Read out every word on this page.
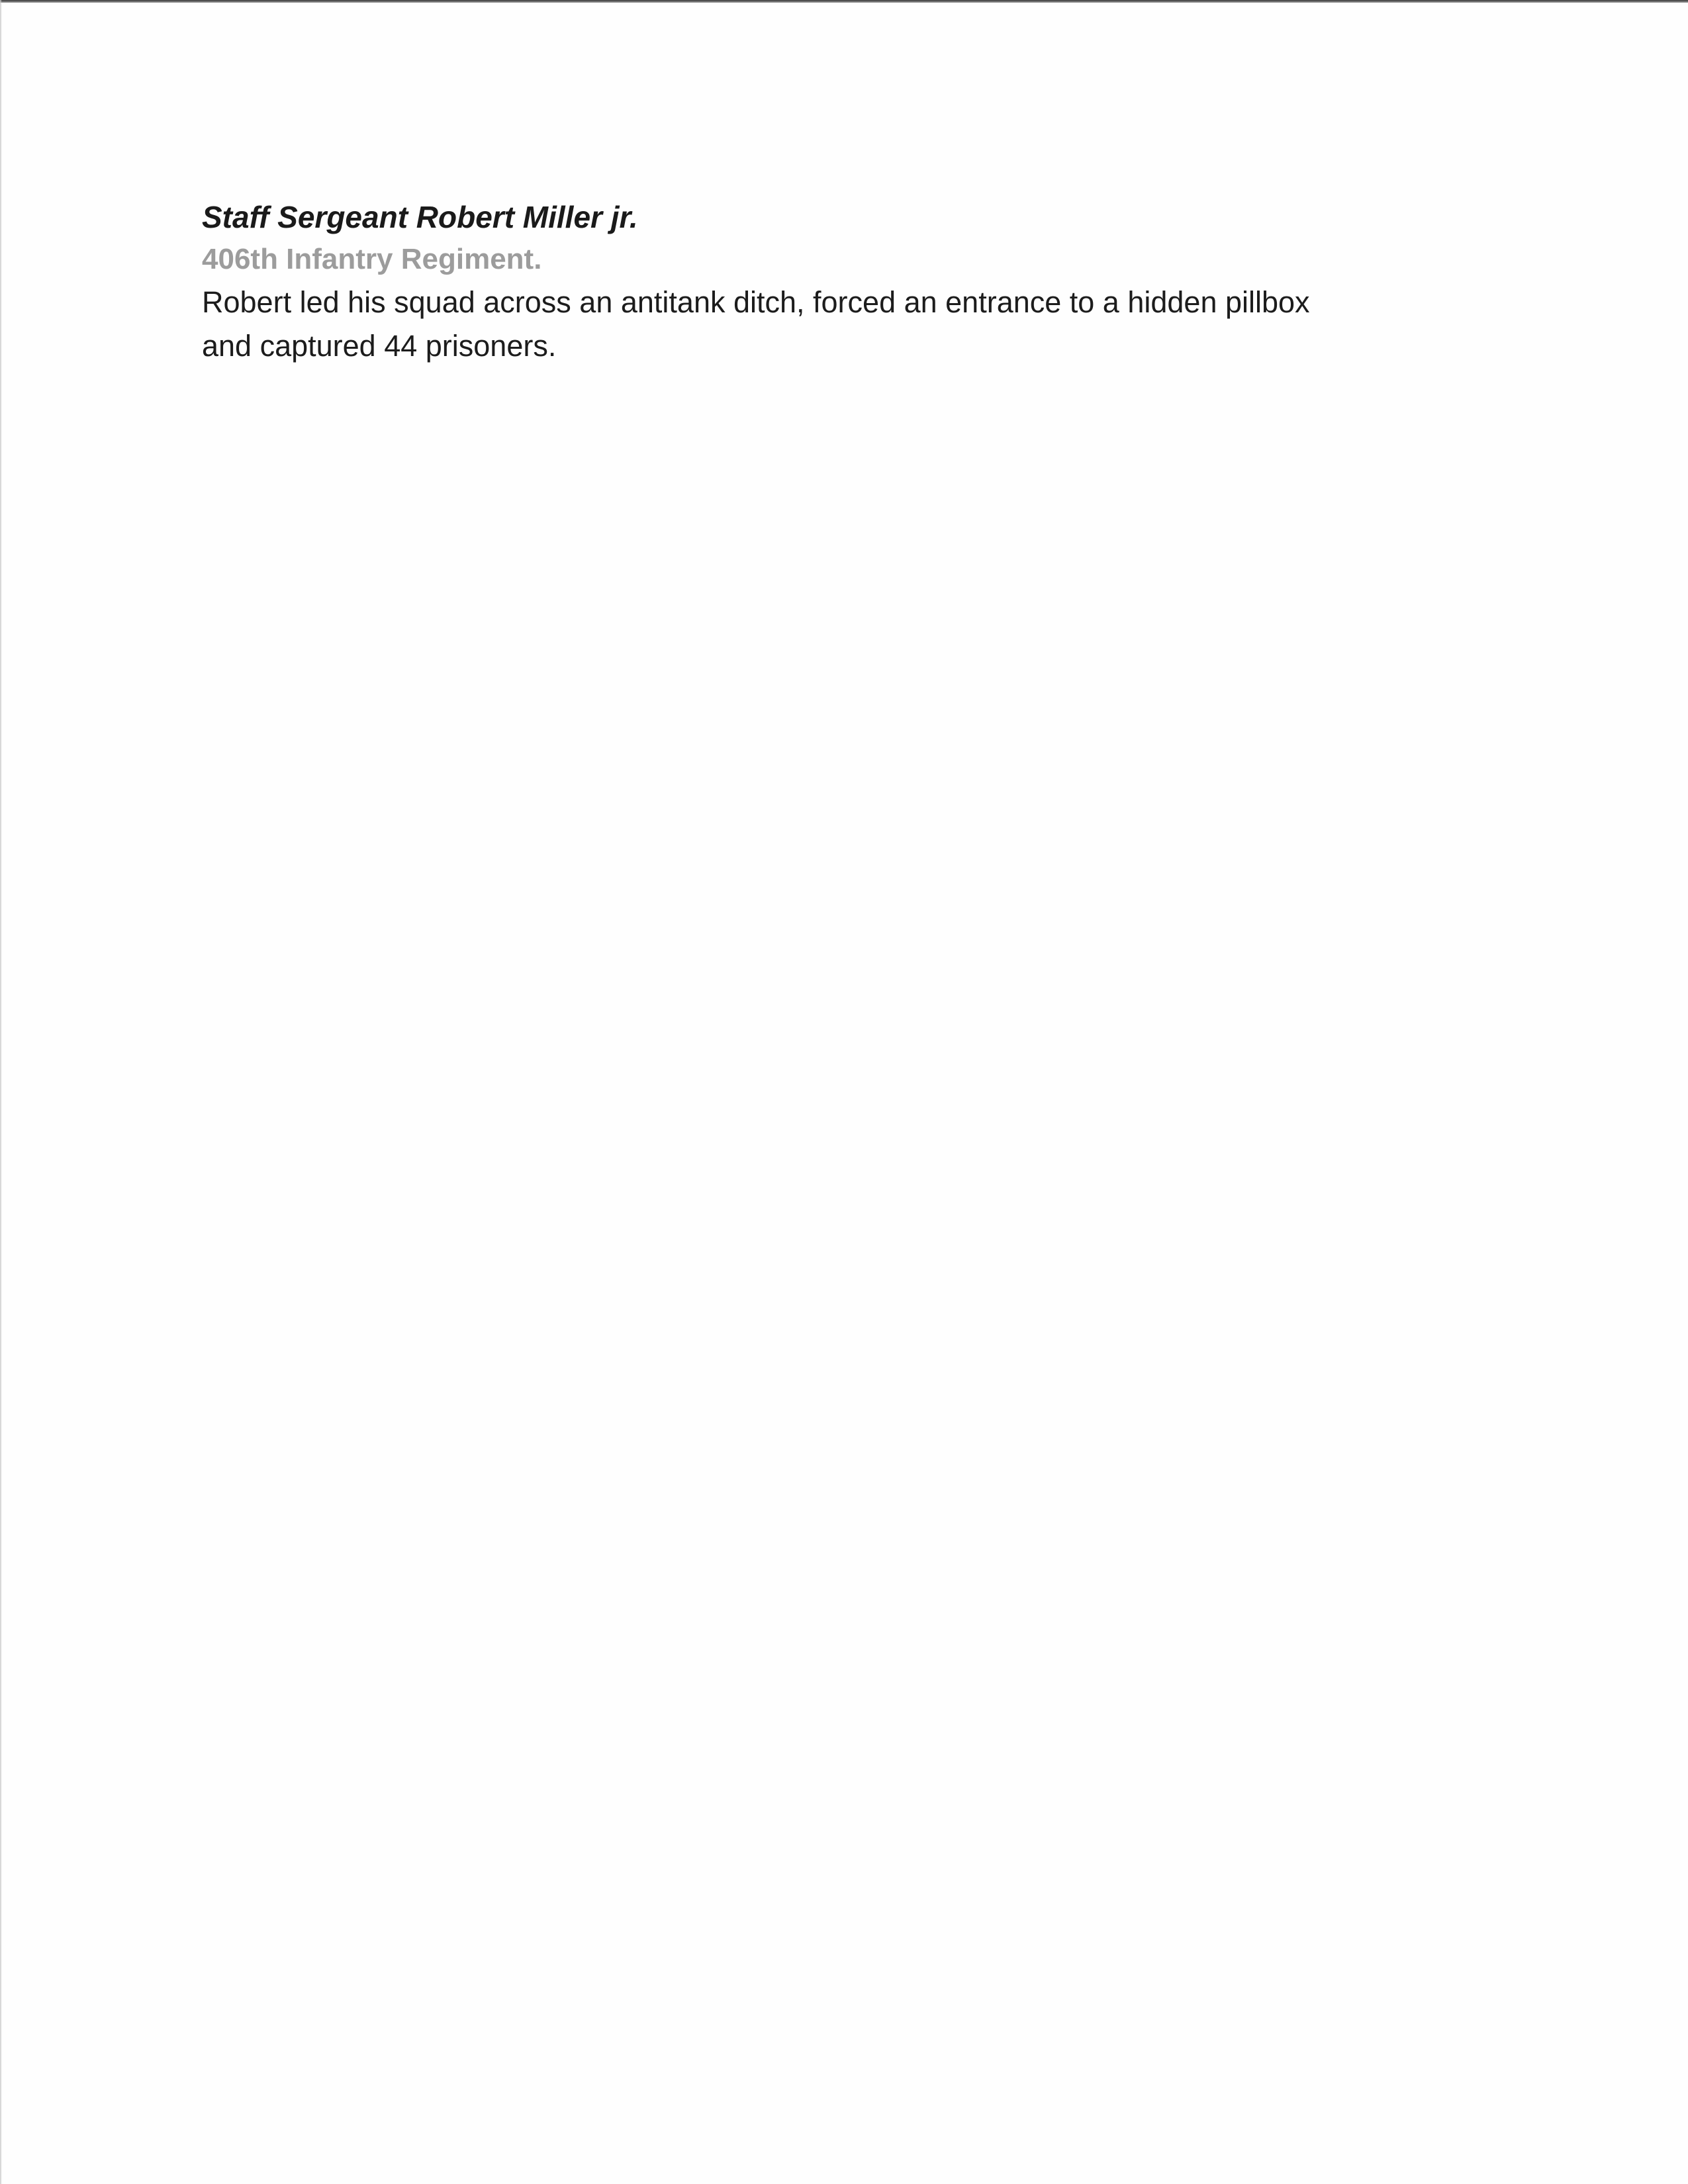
Staff Sergeant Robert Miller jr.

406th Infantry Regiment.

Robert led his squad across an antitank ditch, forced an entrance to a hidden pillbox

and captured 44 prisoners.
